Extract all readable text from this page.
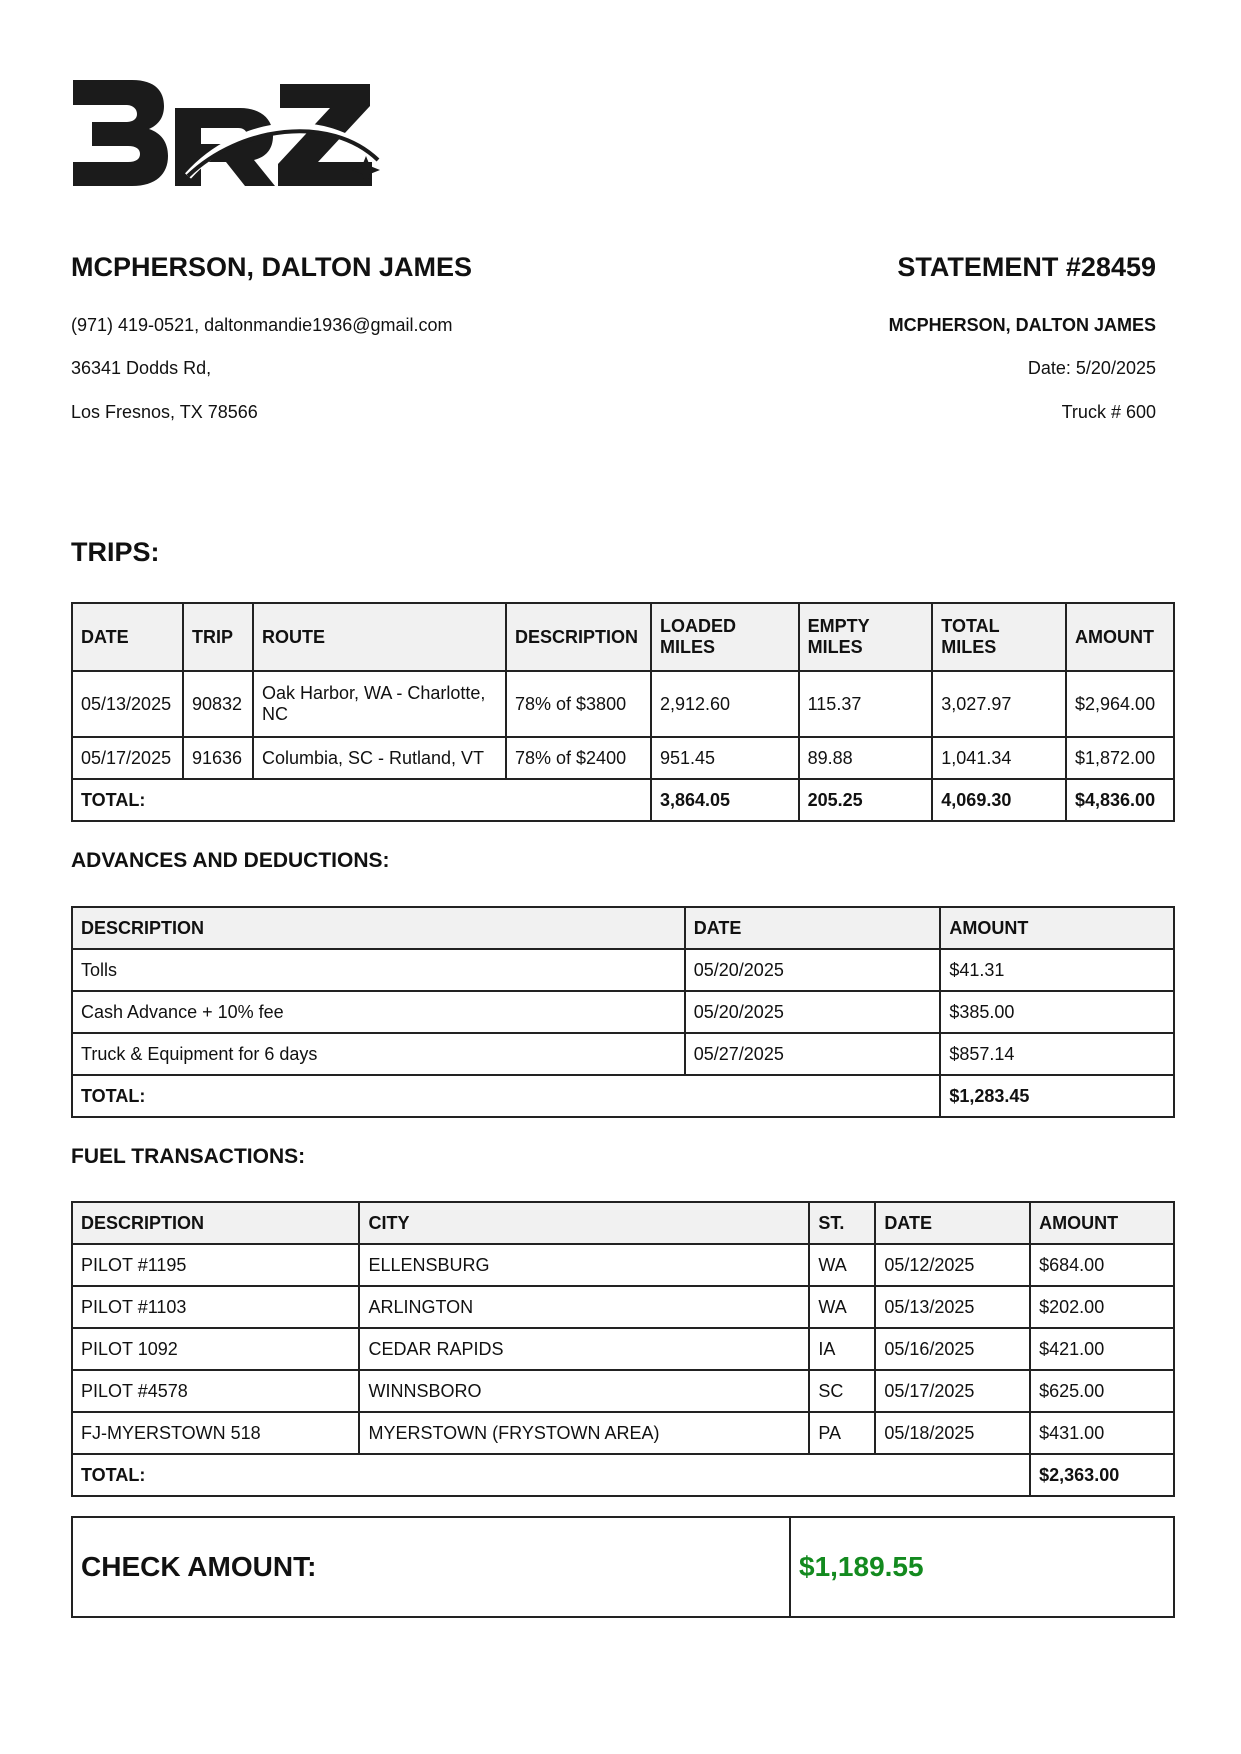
MCPHERSON, DALTON JAMES	STATEMENT #28459
(971) 419-0521, daltonmandie1936@gmail.com
36341 Dodds Rd,
Los Fresnos, TX 78566
MCPHERSON, DALTON JAMES
Date: 5/20/2025
Truck # 600
TRIPS:
DATE	TRIP	ROUTE	DESCRIPTION	LOADED MILES	EMPTY MILES	TOTAL MILES	AMOUNT
05/13/2025	90832	Oak Harbor, WA - Charlotte, NC	78% of $3800	2,912.60	115.37	3,027.97	$2,964.00
05/17/2025	91636	Columbia, SC - Rutland, VT	78% of $2400	951.45	89.88	1,041.34	$1,872.00
TOTAL:				3,864.05	205.25	4,069.30	$4,836.00
ADVANCES AND DEDUCTIONS:
DESCRIPTION	DATE	AMOUNT
Tolls	05/20/2025	$41.31
Cash Advance + 10% fee	05/20/2025	$385.00
Truck & Equipment for 6 days	05/27/2025	$857.14
TOTAL:		$1,283.45
FUEL TRANSACTIONS:
DESCRIPTION	CITY	ST.	DATE	AMOUNT
PILOT #1195	ELLENSBURG	WA	05/12/2025	$684.00
PILOT #1103	ARLINGTON	WA	05/13/2025	$202.00
PILOT 1092	CEDAR RAPIDS	IA	05/16/2025	$421.00
PILOT #4578	WINNSBORO	SC	05/17/2025	$625.00
FJ-MYERSTOWN 518	MYERSTOWN (FRYSTOWN AREA)	PA	05/18/2025	$431.00
TOTAL:				$2,363.00
CHECK AMOUNT:	$1,189.55
